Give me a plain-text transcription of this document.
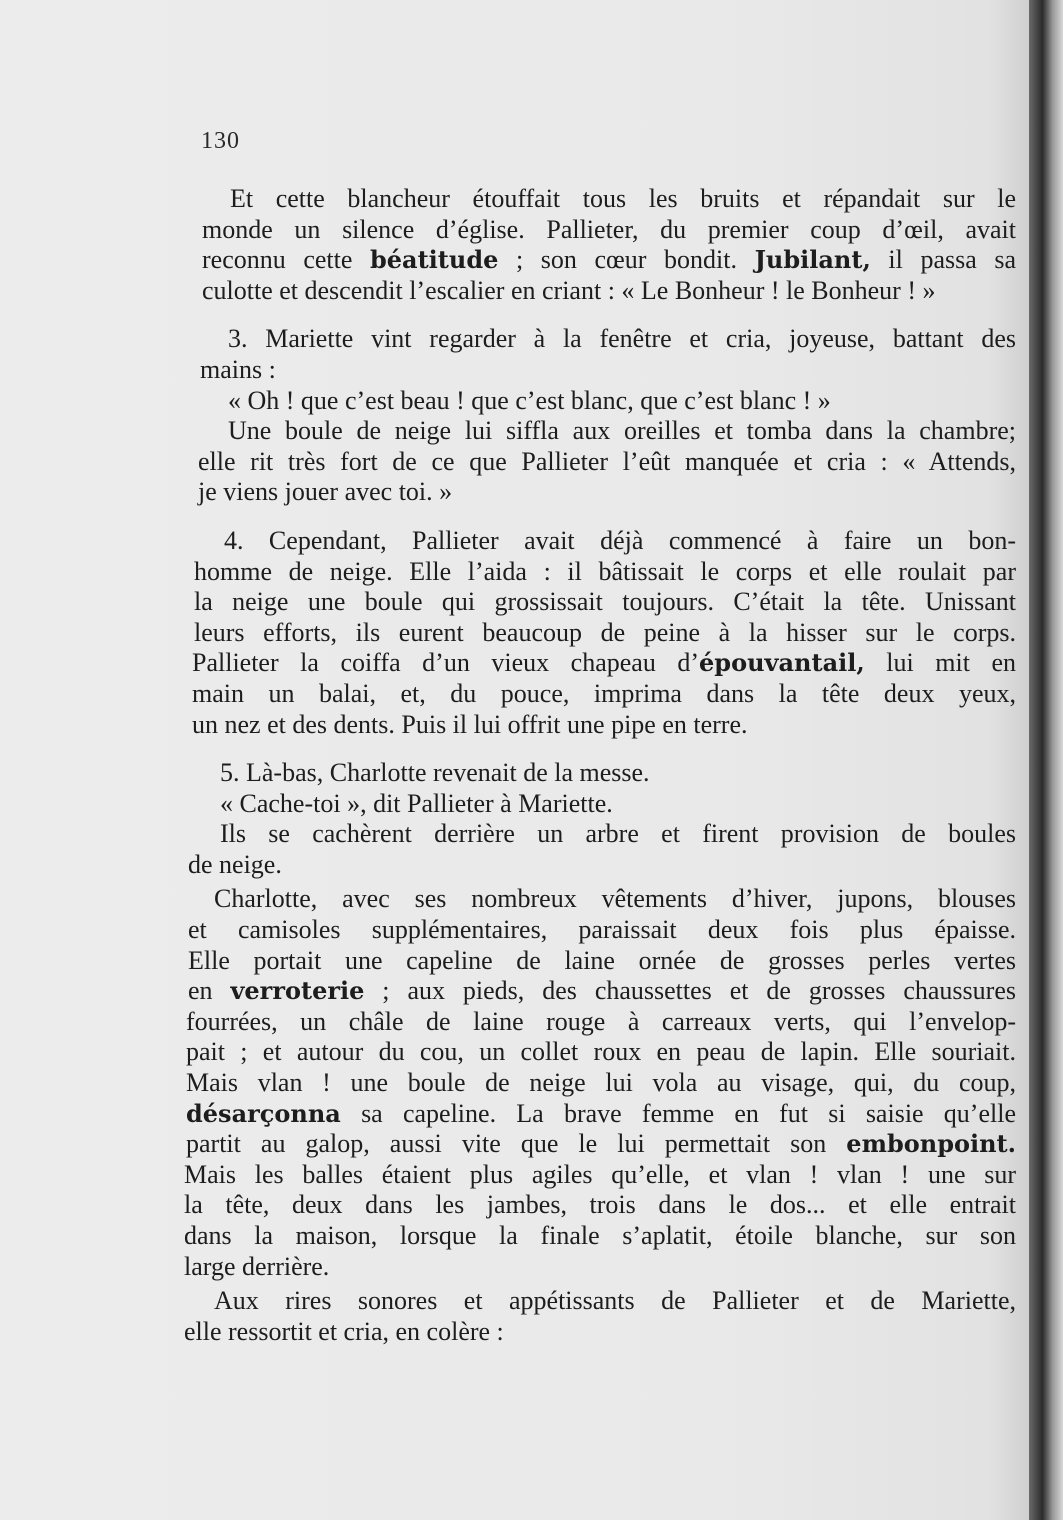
130
Et cette blancheur étouffait tous les bruits et répandait sur le
monde un silence d’église. Pallieter, du premier coup d’œil, avait
reconnu cette béatitude ; son cœur bondit. Jubilant, il passa sa
culotte et descendit l’escalier en criant : « Le Bonheur ! le Bonheur ! »
3. Mariette vint regarder à la fenêtre et cria, joyeuse, battant des
mains :
« Oh ! que c’est beau ! que c’est blanc, que c’est blanc ! »
Une boule de neige lui siffla aux oreilles et tomba dans la chambre;
elle rit très fort de ce que Pallieter l’eût manquée et cria : « Attends,
je viens jouer avec toi. »
4. Cependant, Pallieter avait déjà commencé à faire un bon-
homme de neige. Elle l’aida : il bâtissait le corps et elle roulait par
la neige une boule qui grossissait toujours. C’était la tête. Unissant
leurs efforts, ils eurent beaucoup de peine à la hisser sur le corps.
Pallieter la coiffa d’un vieux chapeau d’épouvantail, lui mit en
main un balai, et, du pouce, imprima dans la tête deux yeux,
un nez et des dents. Puis il lui offrit une pipe en terre.
5. Là-bas, Charlotte revenait de la messe.
« Cache-toi », dit Pallieter à Mariette.
Ils se cachèrent derrière un arbre et firent provision de boules
de neige.
Charlotte, avec ses nombreux vêtements d’hiver, jupons, blouses
et camisoles supplémentaires, paraissait deux fois plus épaisse.
Elle portait une capeline de laine ornée de grosses perles vertes
en verroterie ; aux pieds, des chaussettes et de grosses chaussures
fourrées, un châle de laine rouge à carreaux verts, qui l’envelop-
pait ; et autour du cou, un collet roux en peau de lapin. Elle souriait.
Mais vlan ! une boule de neige lui vola au visage, qui, du coup,
désarçonna sa capeline. La brave femme en fut si saisie qu’elle
partit au galop, aussi vite que le lui permettait son embonpoint.
Mais les balles étaient plus agiles qu’elle, et vlan ! vlan ! une sur
la tête, deux dans les jambes, trois dans le dos... et elle entrait
dans la maison, lorsque la finale s’aplatit, étoile blanche, sur son
large derrière.
Aux rires sonores et appétissants de Pallieter et de Mariette,
elle ressortit et cria, en colère :
